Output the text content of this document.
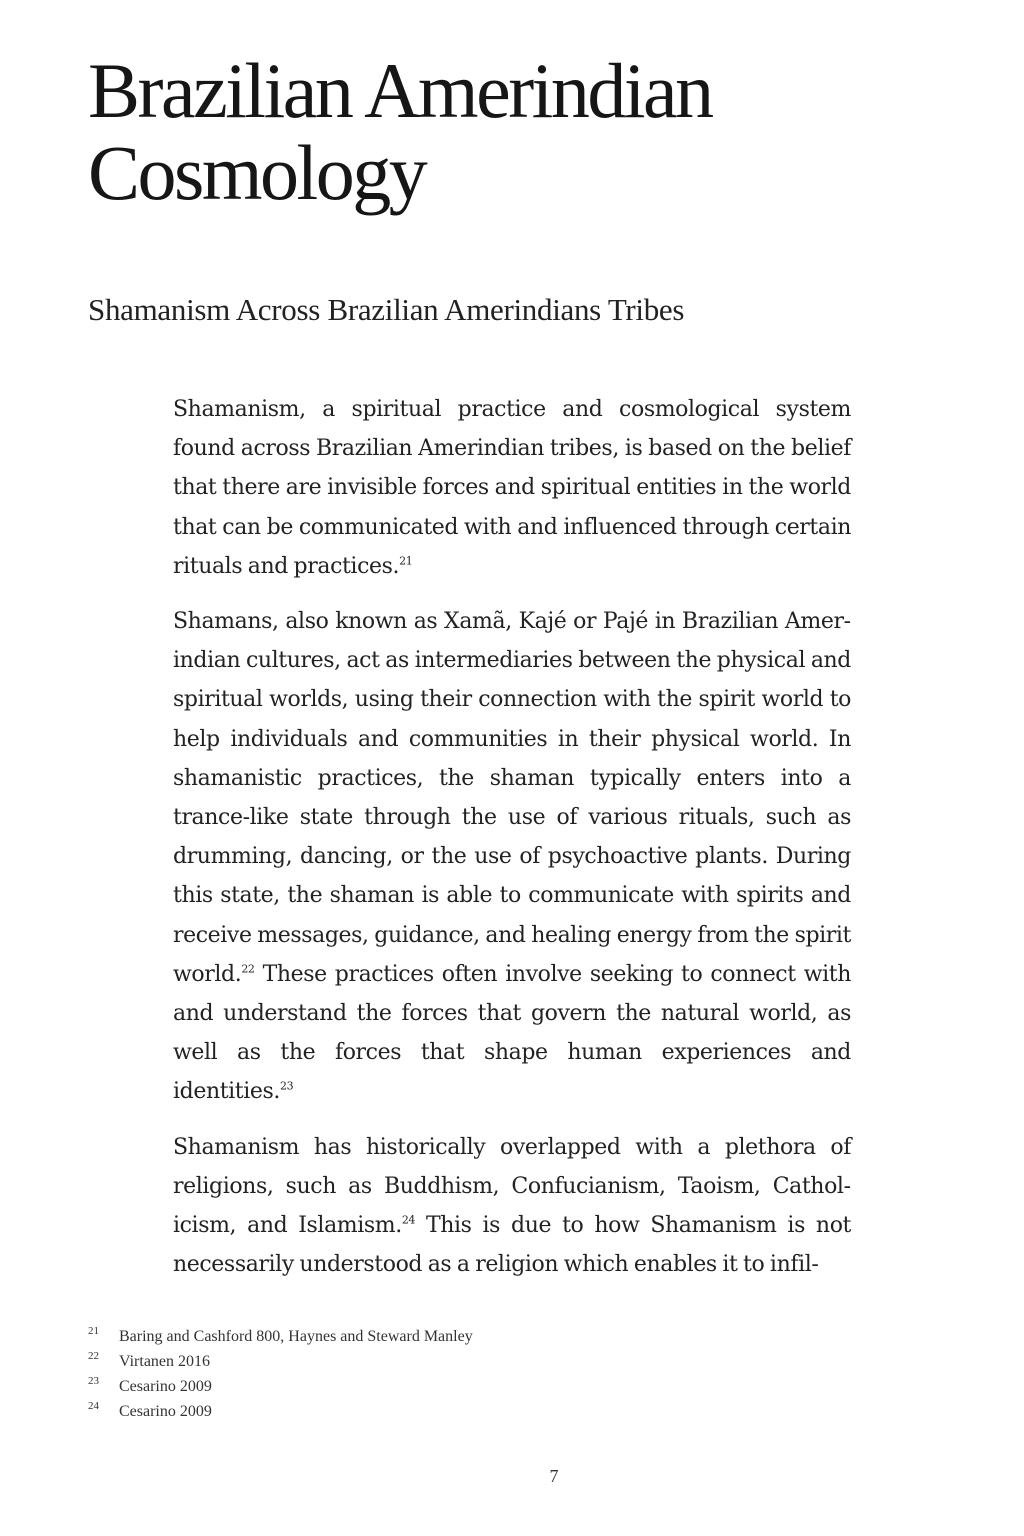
Brazilian Amerindian Cosmology
Shamanism Across Brazilian Amerindians Tribes

Shamanism, a spiritual practice and cosmological system found across Brazilian Amerindian tribes, is based on the belief that there are invisible forces and spiritual entities in the world that can be communicated with and influenced through certain rituals and practices.$^{21}$

Shamans, also known as Xamã, Kajé or Pajé in Brazilian Amerindian cultures, act as intermediaries between the physical and spiritual worlds, using their connection with the spirit world to help individuals and communities in their physical world. In shamanistic practices, the shaman typically enters into a trance-like state through the use of various rituals, such as drumming, dancing, or the use of psychoactive plants. During this state, the shaman is able to communicate with spirits and receive messages, guidance, and healing energy from the spirit world.$^{22}$ These practices often involve seeking to connect with and understand the forces that govern the natural world, as well as the forces that shape human experiences and identities.$^{23}$

Shamanism has historically overlapped with a plethora of religions, such as Buddhism, Confucianism, Taoism, Catholicism, and Islamism.$^{24}$ This is due to how Shamanism is not necessarily understood as a religion which enables it to infil-

21 Baring and Cashford 800, Haynes and Steward Manley
22 Virtanen 2016
23 Cesarino 2009
24 Cesarino 2009
7
